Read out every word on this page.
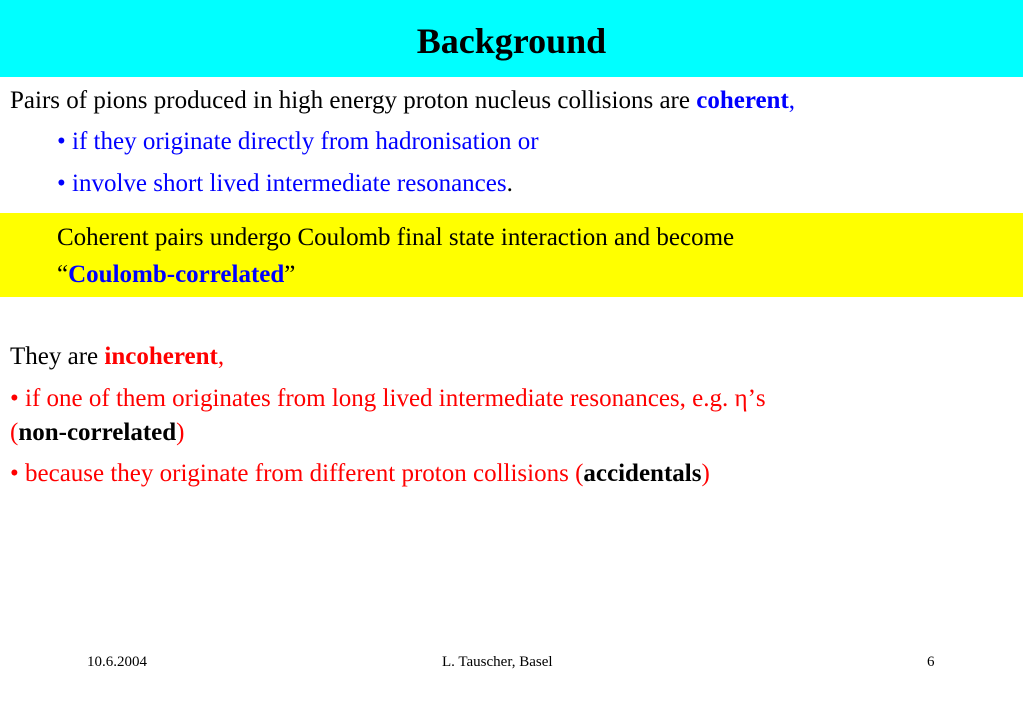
Background
Pairs of pions produced in high energy proton nucleus collisions are coherent,
• if they originate directly from hadronisation or
• involve short lived intermediate resonances.
Coherent pairs undergo Coulomb final state interaction and become
“Coulomb-correlated”
They are incoherent,
• if one of them originates from long lived intermediate resonances, e.g. η’s
(non-correlated)
• because they originate from different proton collisions (accidentals)
10.6.2004	L. Tauscher, Basel	6
